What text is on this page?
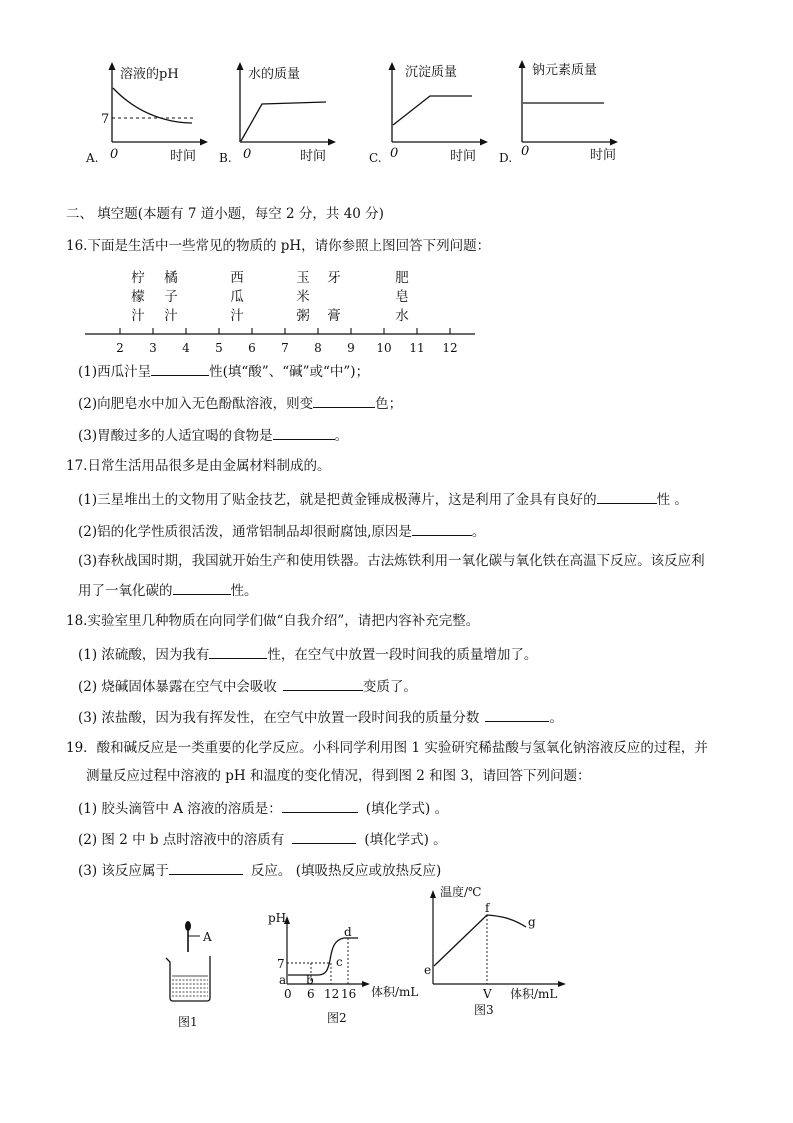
溶液的pH
7
0	时间
A.
水的质量
0	时间
B.
沉淀质量
0	时间
C.
钠元素质量
0	时间
D.
二、 填空题(本题有 7 道小题，每空 2 分，共 40 分)
16.下面是生活中一些常见的物质的 pH，请你参照上图回答下列问题：
2 3 4 5 6 7 8 9 10 11 12
柠
檬
汁
橘
子
汁
西
瓜
汁
玉
米
粥
牙
膏
肥
皂
水
(1)西瓜汁呈	性(填“酸”、“碱”或“中”)；
(2)向肥皂水中加入无色酚酞溶液，则变	色；
(3)胃酸过多的人适宜喝的食物是	。
17.日常生活用品很多是由金属材料制成的。
(1)三星堆出土的文物用了贴金技艺，就是把黄金锤成极薄片，这是利用了金具有良好的	性 。
(2)铝的化学性质很活泼，通常铝制品却很耐腐蚀,原因是	。
(3)春秋战国时期，我国就开始生产和使用铁器。古法炼铁利用一氧化碳与氧化铁在高温下反应。该反应利
用了一氧化碳的	性。
18.实验室里几种物质在向同学们做“自我介绍”，请把内容补充完整。
(1) 浓硫酸，因为我有	性，在空气中放置一段时间我的质量增加了。
(2) 烧碱固体暴露在空气中会吸收	变质了。
(3) 浓盐酸，因为我有挥发性，在空气中放置一段时间我的质量分数	。
19．酸和碱反应是一类重要的化学反应。小科同学利用图 1 实验研究稀盐酸与氢氧化钠溶液反应的过程，并
测量反应过程中溶液的 pH 和温度的变化情况，得到图 2 和图 3，请回答下列问题：
(1) 胶头滴管中 A 溶液的溶质是：	(填化学式) 。
(2) 图 2 中 b 点时溶液中的溶质有	(填化学式) 。
(3) 该反应属于	反应。 (填吸热反应或放热反应)
A
图1
pH
7
a b
c
d
0 6 12 16 体积/mL
图2
温度/℃
e
f
g
V 体积/mL
图3
